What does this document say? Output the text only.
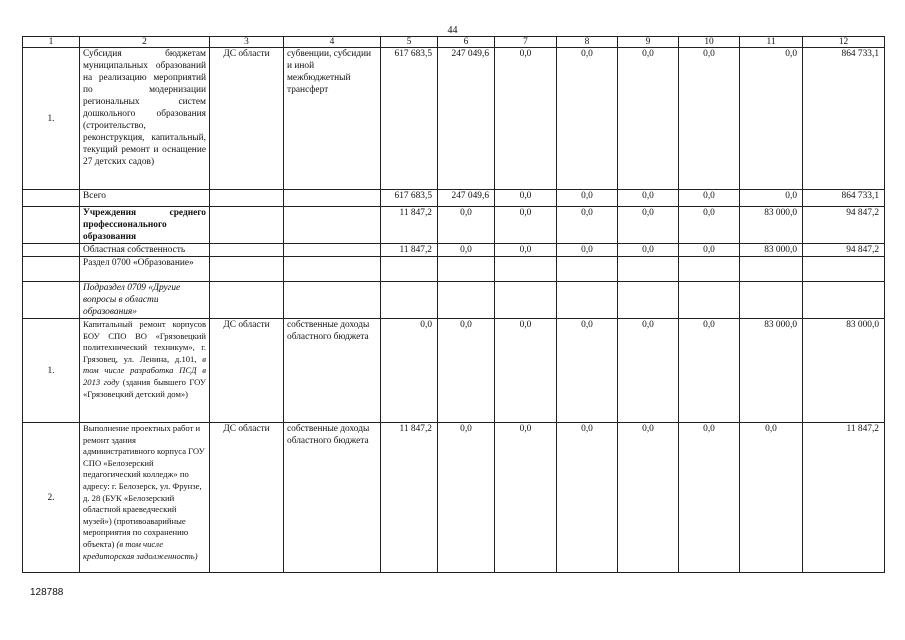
44
1	2	3	4	5	6	7	8	9	10	11	12
1.	Субсидия бюджетам муниципальных образований на реализацию мероприятий по модернизации региональных систем дошкольного образования (строительство, реконструкция, капитальный, текущий ремонт и оснащение 27 детских садов)	ДС области	субвенции, субсидии и иной межбюджетный трансферт	617 683,5	247 049,6	0,0	0,0	0,0	0,0	0,0	864 733,1
	Всего			617 683,5	247 049,6	0,0	0,0	0,0	0,0	0,0	864 733,1
	Учреждения среднего профессионального образования			11 847,2	0,0	0,0	0,0	0,0	0,0	83 000,0	94 847,2
	Областная собственность			11 847,2	0,0	0,0	0,0	0,0	0,0	83 000,0	94 847,2
	Раздел 0700 «Образование»										
	Подраздел 0709 «Другие вопросы в области образования»										
1.	Капитальный ремонт корпусов БОУ СПО ВО «Грязовецкий политехнический техникум», г. Грязовец, ул. Ленина, д.101, в том числе разработка ПСД в 2013 году (здания бывшего ГОУ «Грязовецкий детский дом»)	ДС области	собственные доходы областного бюджета	0,0	0,0	0,0	0,0	0,0	0,0	83 000,0	83 000,0
2.	Выполнение проектных работ и ремонт здания административного корпуса ГОУ СПО «Белозерский педагогический колледж» по адресу: г. Белозерск, ул. Фрунзе, д. 28 (БУК «Белозерский областной краеведческий музей») (противоаварийные мероприятия по сохранению объекта) (в том числе кредиторская задолженность)	ДС области	собственные доходы областного бюджета	11 847,2	0,0	0,0	0,0	0,0	0,0	0,0	11 847,2
128788
